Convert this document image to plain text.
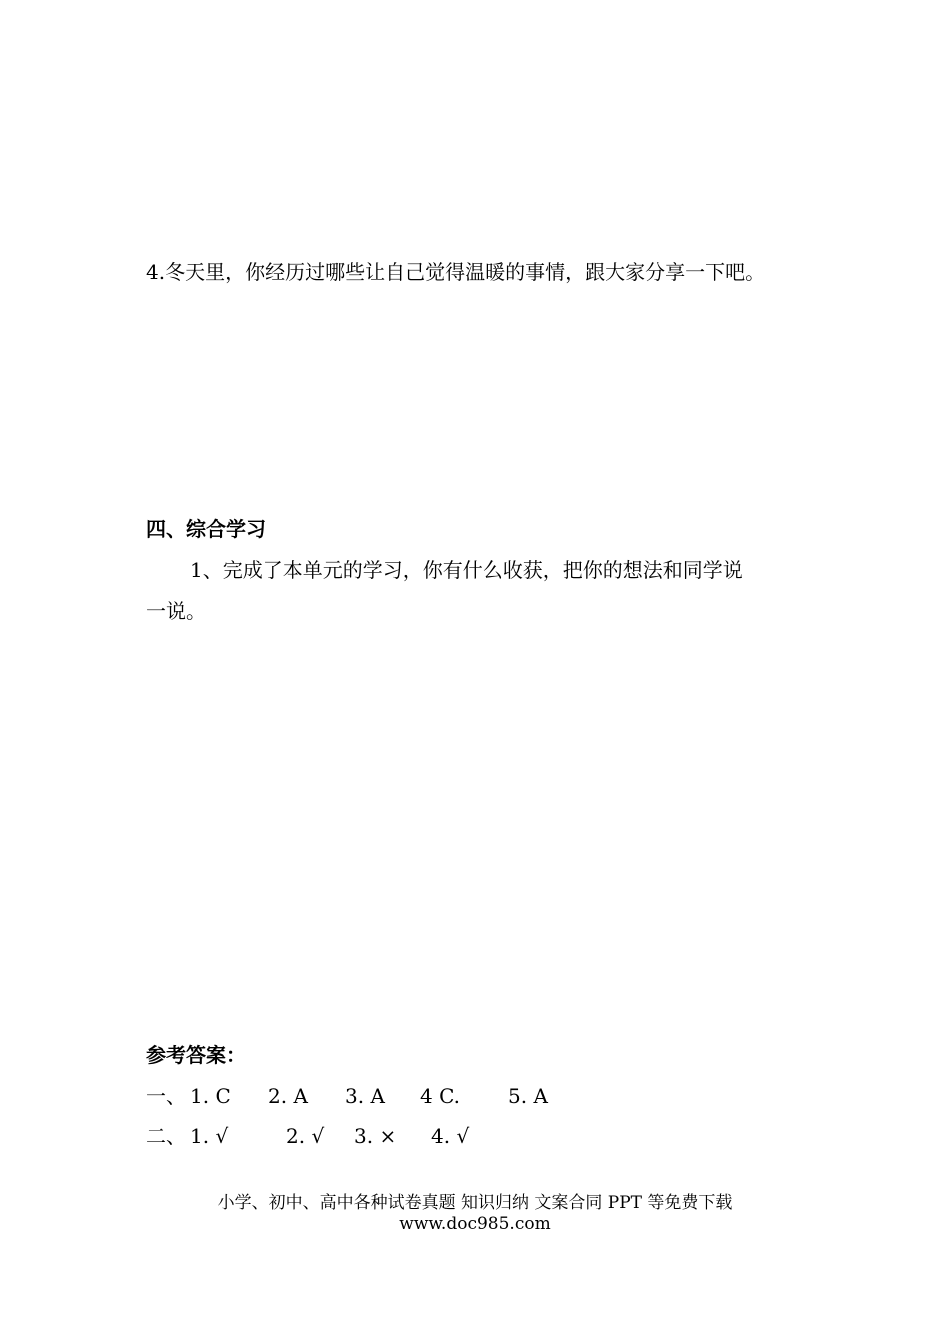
4.冬天里，你经历过哪些让自己觉得温暖的事情，跟大家分享一下吧。
四、综合学习
1、完成了本单元的学习，你有什么收获，把你的想法和同学说
一说。
参考答案：
一、 1. C 2. A 3. A 4 C. 5. A
二、 1. √	2. √ 3. × 4. √
小学、初中、高中各种试卷真题 知识归纳 文案合同 PPT 等免费下载
www.doc985.com
